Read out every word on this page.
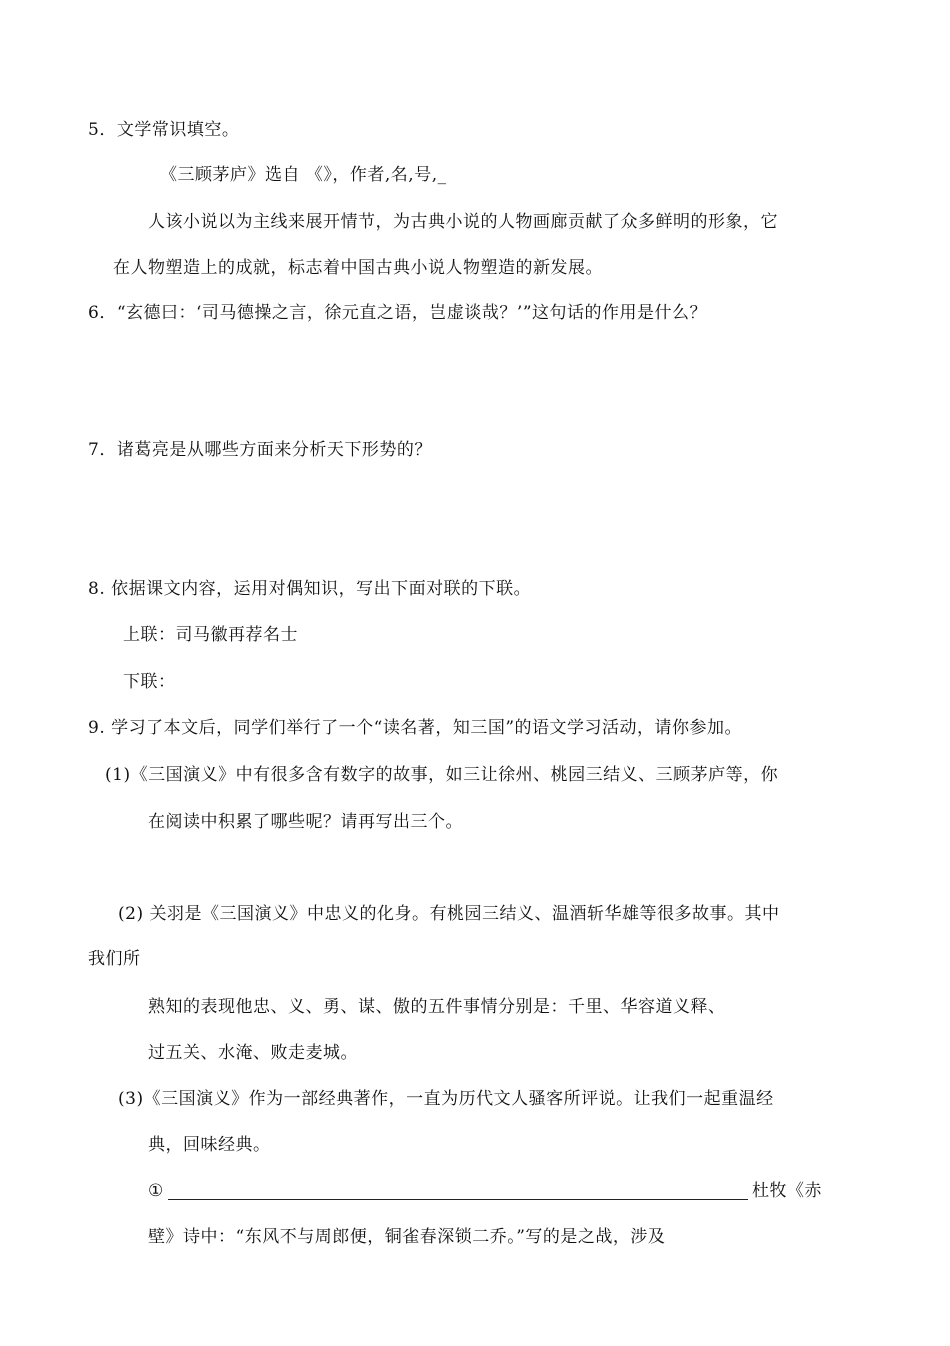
5．文学常识填空。
《三顾茅庐》选自 《》，作者,名,号,_
人该小说以为主线来展开情节，为古典小说的人物画廊贡献了众多鲜明的形象，它
在人物塑造上的成就，标志着中国古典小说人物塑造的新发展。
6．“玄德曰：‘司马德操之言，徐元直之语，岂虚谈哉？’”这句话的作用是什么？
7．诸葛亮是从哪些方面来分析天下形势的？
8. 依据课文内容，运用对偶知识，写出下面对联的下联。
上联：司马徽再荐名士
下联：
9. 学习了本文后，同学们举行了一个“读名著，知三国”的语文学习活动，请你参加。
(1)《三国演义》中有很多含有数字的故事，如三让徐州、桃园三结义、三顾茅庐等，你
在阅读中积累了哪些呢？请再写出三个。
(2) 关羽是《三国演义》中忠义的化身。有桃园三结义、温酒斩华雄等很多故事。其中
我们所
熟知的表现他忠、义、勇、谋、傲的五件事情分别是：千里、华容道义释、
过五关、水淹、败走麦城。
(3)《三国演义》作为一部经典著作，一直为历代文人骚客所评说。让我们一起重温经
典，回味经典。
①	杜牧《赤
壁》诗中：“东风不与周郎便，铜雀春深锁二乔。”写的是之战，涉及
